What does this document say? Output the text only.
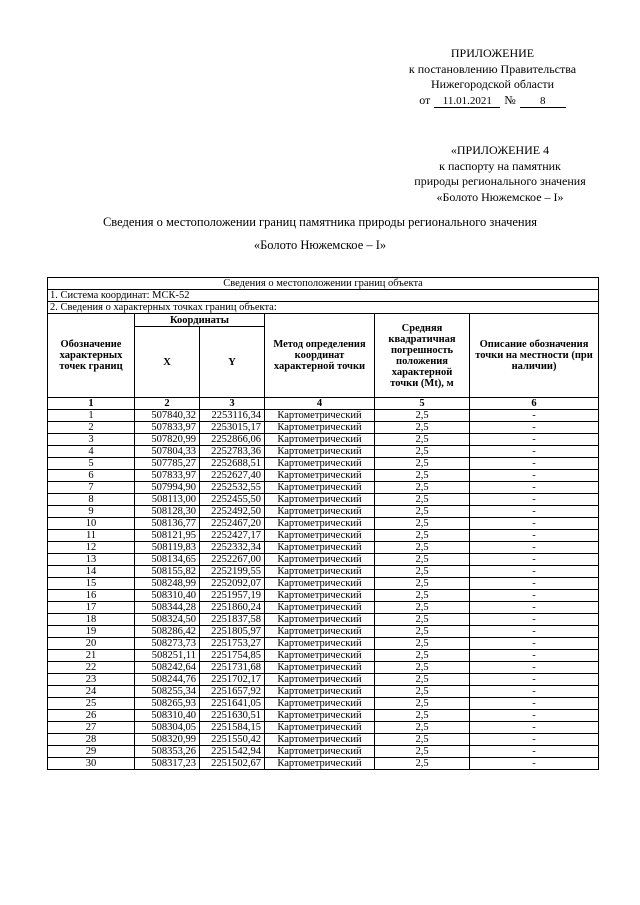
ПРИЛОЖЕНИЕ
к постановлению Правительства
Нижегородской области
от	11.01.2021	№	8
«ПРИЛОЖЕНИЕ 4
к паспорту на памятник
природы регионального значения
«Болото Нюжемское – I»
Сведения о местоположении границ памятника природы регионального значения
«Болото Нюжемское – I»
Сведения о местоположении границ объекта					
1. Система координат: МСК-52					
2. Сведения о характерных точках границ объекта:					
Обозначение характерных точек границ	Координаты		Метод определения координат характерной точки	Средняя квадратичная погрешность положения характерной точки (Mt), м	Описание обозначения точки на местности (при наличии)
	X	Y			
1	2	3	4	5	6
1	507840,32	2253116,34	Картометрический	2,5	-
2	507833,97	2253015,17	Картометрический	2,5	-
3	507820,99	2252866,06	Картометрический	2,5	-
4	507804,33	2252783,36	Картометрический	2,5	-
5	507785,27	2252688,51	Картометрический	2,5	-
6	507833,97	2252627,40	Картометрический	2,5	-
7	507994,90	2252532,55	Картометрический	2,5	-
8	508113,00	2252455,50	Картометрический	2,5	-
9	508128,30	2252492,50	Картометрический	2,5	-
10	508136,77	2252467,20	Картометрический	2,5	-
11	508121,95	2252427,17	Картометрический	2,5	-
12	508119,83	2252332,34	Картометрический	2,5	-
13	508134,65	2252267,00	Картометрический	2,5	-
14	508155,82	2252199,55	Картометрический	2,5	-
15	508248,99	2252092,07	Картометрический	2,5	-
16	508310,40	2251957,19	Картометрический	2,5	-
17	508344,28	2251860,24	Картометрический	2,5	-
18	508324,50	2251837,58	Картометрический	2,5	-
19	508286,42	2251805,97	Картометрический	2,5	-
20	508273,73	2251753,27	Картометрический	2,5	-
21	508251,11	2251754,85	Картометрический	2,5	-
22	508242,64	2251731,68	Картометрический	2,5	-
23	508244,76	2251702,17	Картометрический	2,5	-
24	508255,34	2251657,92	Картометрический	2,5	-
25	508265,93	2251641,05	Картометрический	2,5	-
26	508310,40	2251630,51	Картометрический	2,5	-
27	508304,05	2251584,15	Картометрический	2,5	-
28	508320,99	2251550,42	Картометрический	2,5	-
29	508353,26	2251542,94	Картометрический	2,5	-
30	508317,23	2251502,67	Картометрический	2,5	-
